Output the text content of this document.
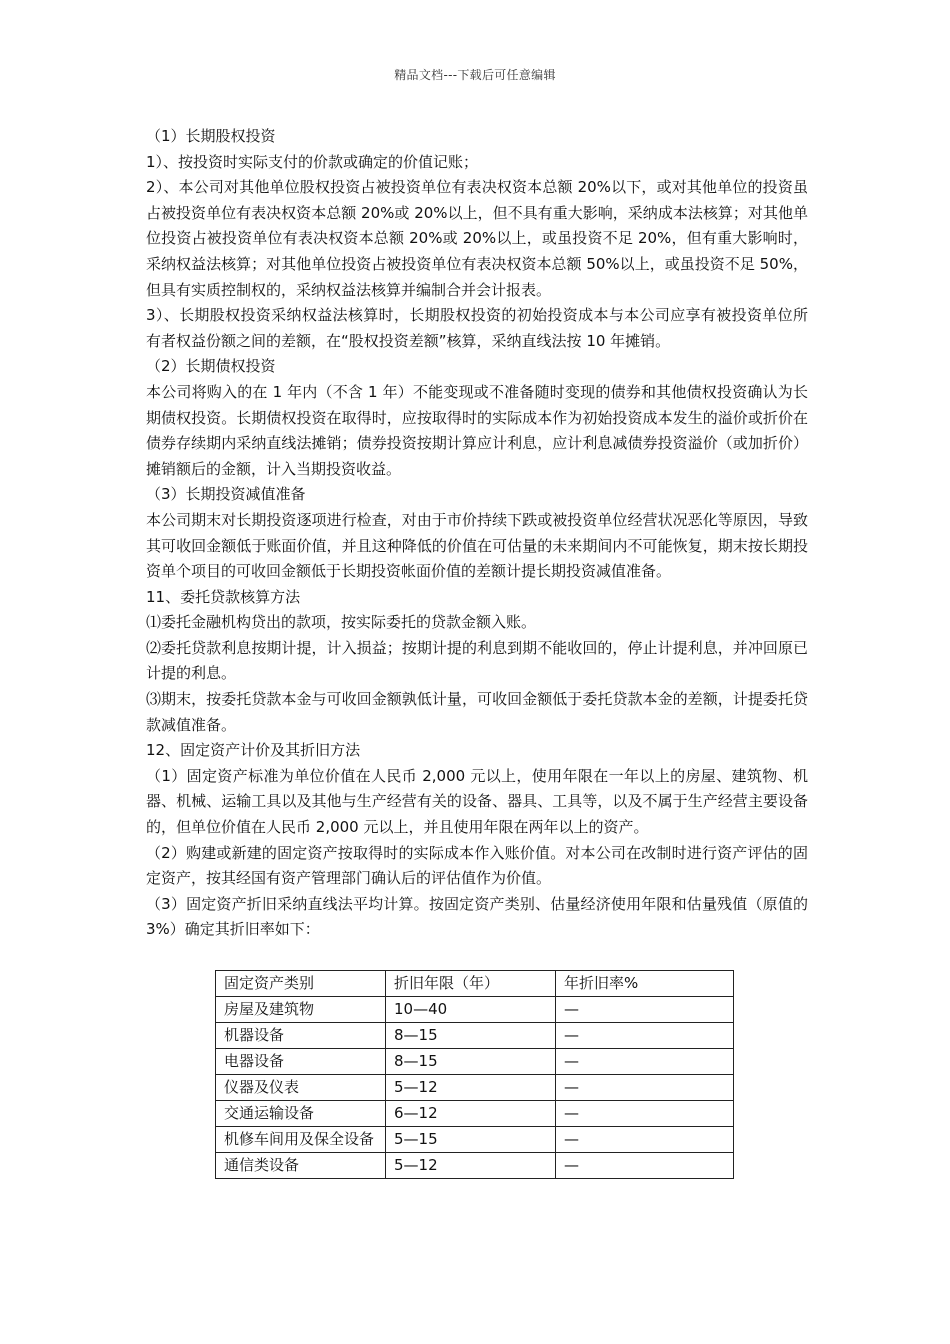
精品文档---下载后可任意编辑

（1）长期股权投资

1）、按投资时实际支付的价款或确定的价值记账；

2）、本公司对其他单位股权投资占被投资单位有表决权资本总额 20%以下，或对其他单位的投资虽占被投资单位有表决权资本总额 20%或 20%以上，但不具有重大影响，采纳成本法核算；对其他单位投资占被投资单位有表决权资本总额 20%或 20%以上，或虽投资不足 20%，但有重大影响时，采纳权益法核算；对其他单位投资占被投资单位有表决权资本总额 50%以上，或虽投资不足 50%，但具有实质控制权的，采纳权益法核算并编制合并会计报表。

3）、长期股权投资采纳权益法核算时，长期股权投资的初始投资成本与本公司应享有被投资单位所有者权益份额之间的差额，在“股权投资差额”核算，采纳直线法按 10 年摊销。

（2）长期债权投资

本公司将购入的在 1 年内（不含 1 年）不能变现或不准备随时变现的债券和其他债权投资确认为长期债权投资。长期债权投资在取得时，应按取得时的实际成本作为初始投资成本发生的溢价或折价在债券存续期内采纳直线法摊销；债券投资按期计算应计利息，应计利息减债券投资溢价（或加折价）摊销额后的金额，计入当期投资收益。

（3）长期投资减值准备

本公司期末对长期投资逐项进行检查，对由于市价持续下跌或被投资单位经营状况恶化等原因，导致其可收回金额低于账面价值，并且这种降低的价值在可估量的未来期间内不可能恢复，期末按长期投资单个项目的可收回金额低于长期投资帐面价值的差额计提长期投资减值准备。

11、委托贷款核算方法

⑴委托金融机构贷出的款项，按实际委托的贷款金额入账。

⑵委托贷款利息按期计提，计入损益；按期计提的利息到期不能收回的，停止计提利息，并冲回原已计提的利息。

⑶期末，按委托贷款本金与可收回金额孰低计量，可收回金额低于委托贷款本金的差额，计提委托贷款减值准备。

12、固定资产计价及其折旧方法

（1）固定资产标准为单位价值在人民币 2,000 元以上，使用年限在一年以上的房屋、建筑物、机器、机械、运输工具以及其他与生产经营有关的设备、器具、工具等，以及不属于生产经营主要设备的，但单位价值在人民币 2,000 元以上，并且使用年限在两年以上的资产。

（2）购建或新建的固定资产按取得时的实际成本作入账价值。对本公司在改制时进行资产评估的固定资产，按其经国有资产管理部门确认后的评估值作为价值。

（3）固定资产折旧采纳直线法平均计算。按固定资产类别、估量经济使用年限和估量残值（原值的 3%）确定其折旧率如下：

固定资产类别	折旧年限（年）	年折旧率%
房屋及建筑物	10—40	—
机器设备	8—15	—
电器设备	8—15	—
仪器及仪表	5—12	—
交通运输设备	6—12	—
机修车间用及保全设备	5—15	—
通信类设备	5—12	—
